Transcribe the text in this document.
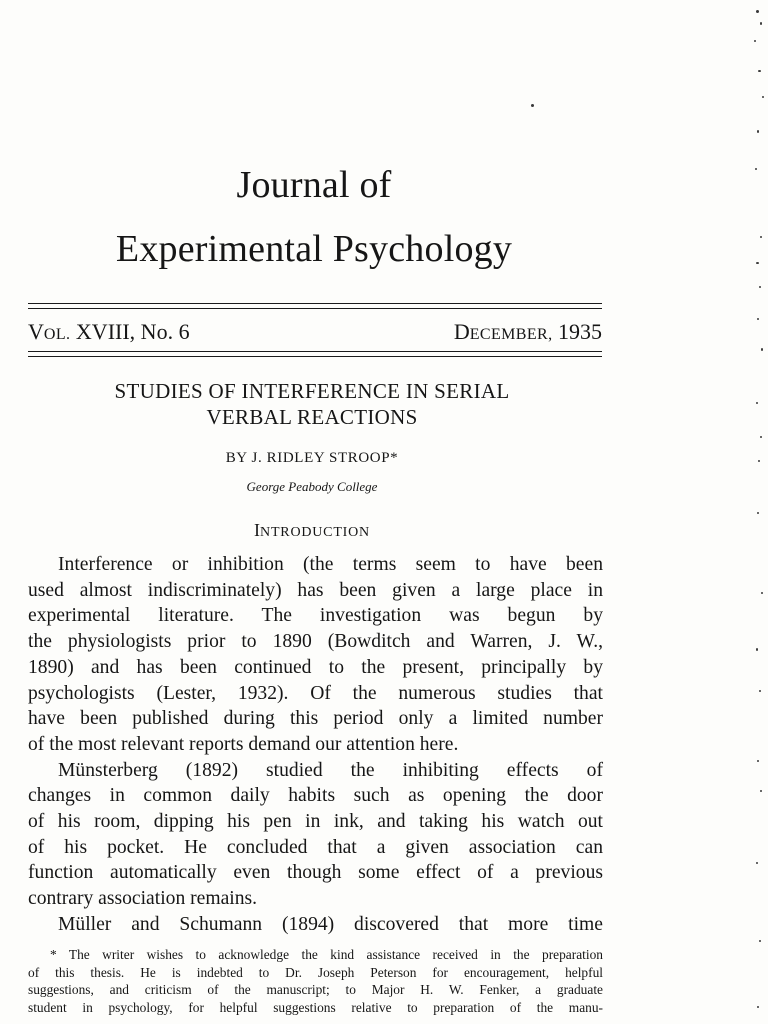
Journal of
Experimental Psychology
VOL. XVIII, No. 6	DECEMBER, 1935
STUDIES OF INTERFERENCE IN SERIAL
VERBAL REACTIONS
BY J. RIDLEY STROOP*
George Peabody College
INTRODUCTION
Interference or inhibition (the terms seem to have been
used almost indiscriminately) has been given a large place in
experimental literature. The investigation was begun by
the physiologists prior to 1890 (Bowditch and Warren, J. W.,
1890) and has been continued to the present, principally by
psychologists (Lester, 1932). Of the numerous studies that
have been published during this period only a limited number
of the most relevant reports demand our attention here.
Münsterberg (1892) studied the inhibiting effects of
changes in common daily habits such as opening the door
of his room, dipping his pen in ink, and taking his watch out
of his pocket. He concluded that a given association can
function automatically even though some effect of a previous
contrary association remains.
Müller and Schumann (1894) discovered that more time
* The writer wishes to acknowledge the kind assistance received in the preparation
of this thesis. He is indebted to Dr. Joseph Peterson for encouragement, helpful
suggestions, and criticism of the manuscript; to Major H. W. Fenker, a graduate
student in psychology, for helpful suggestions relative to preparation of the manu-
